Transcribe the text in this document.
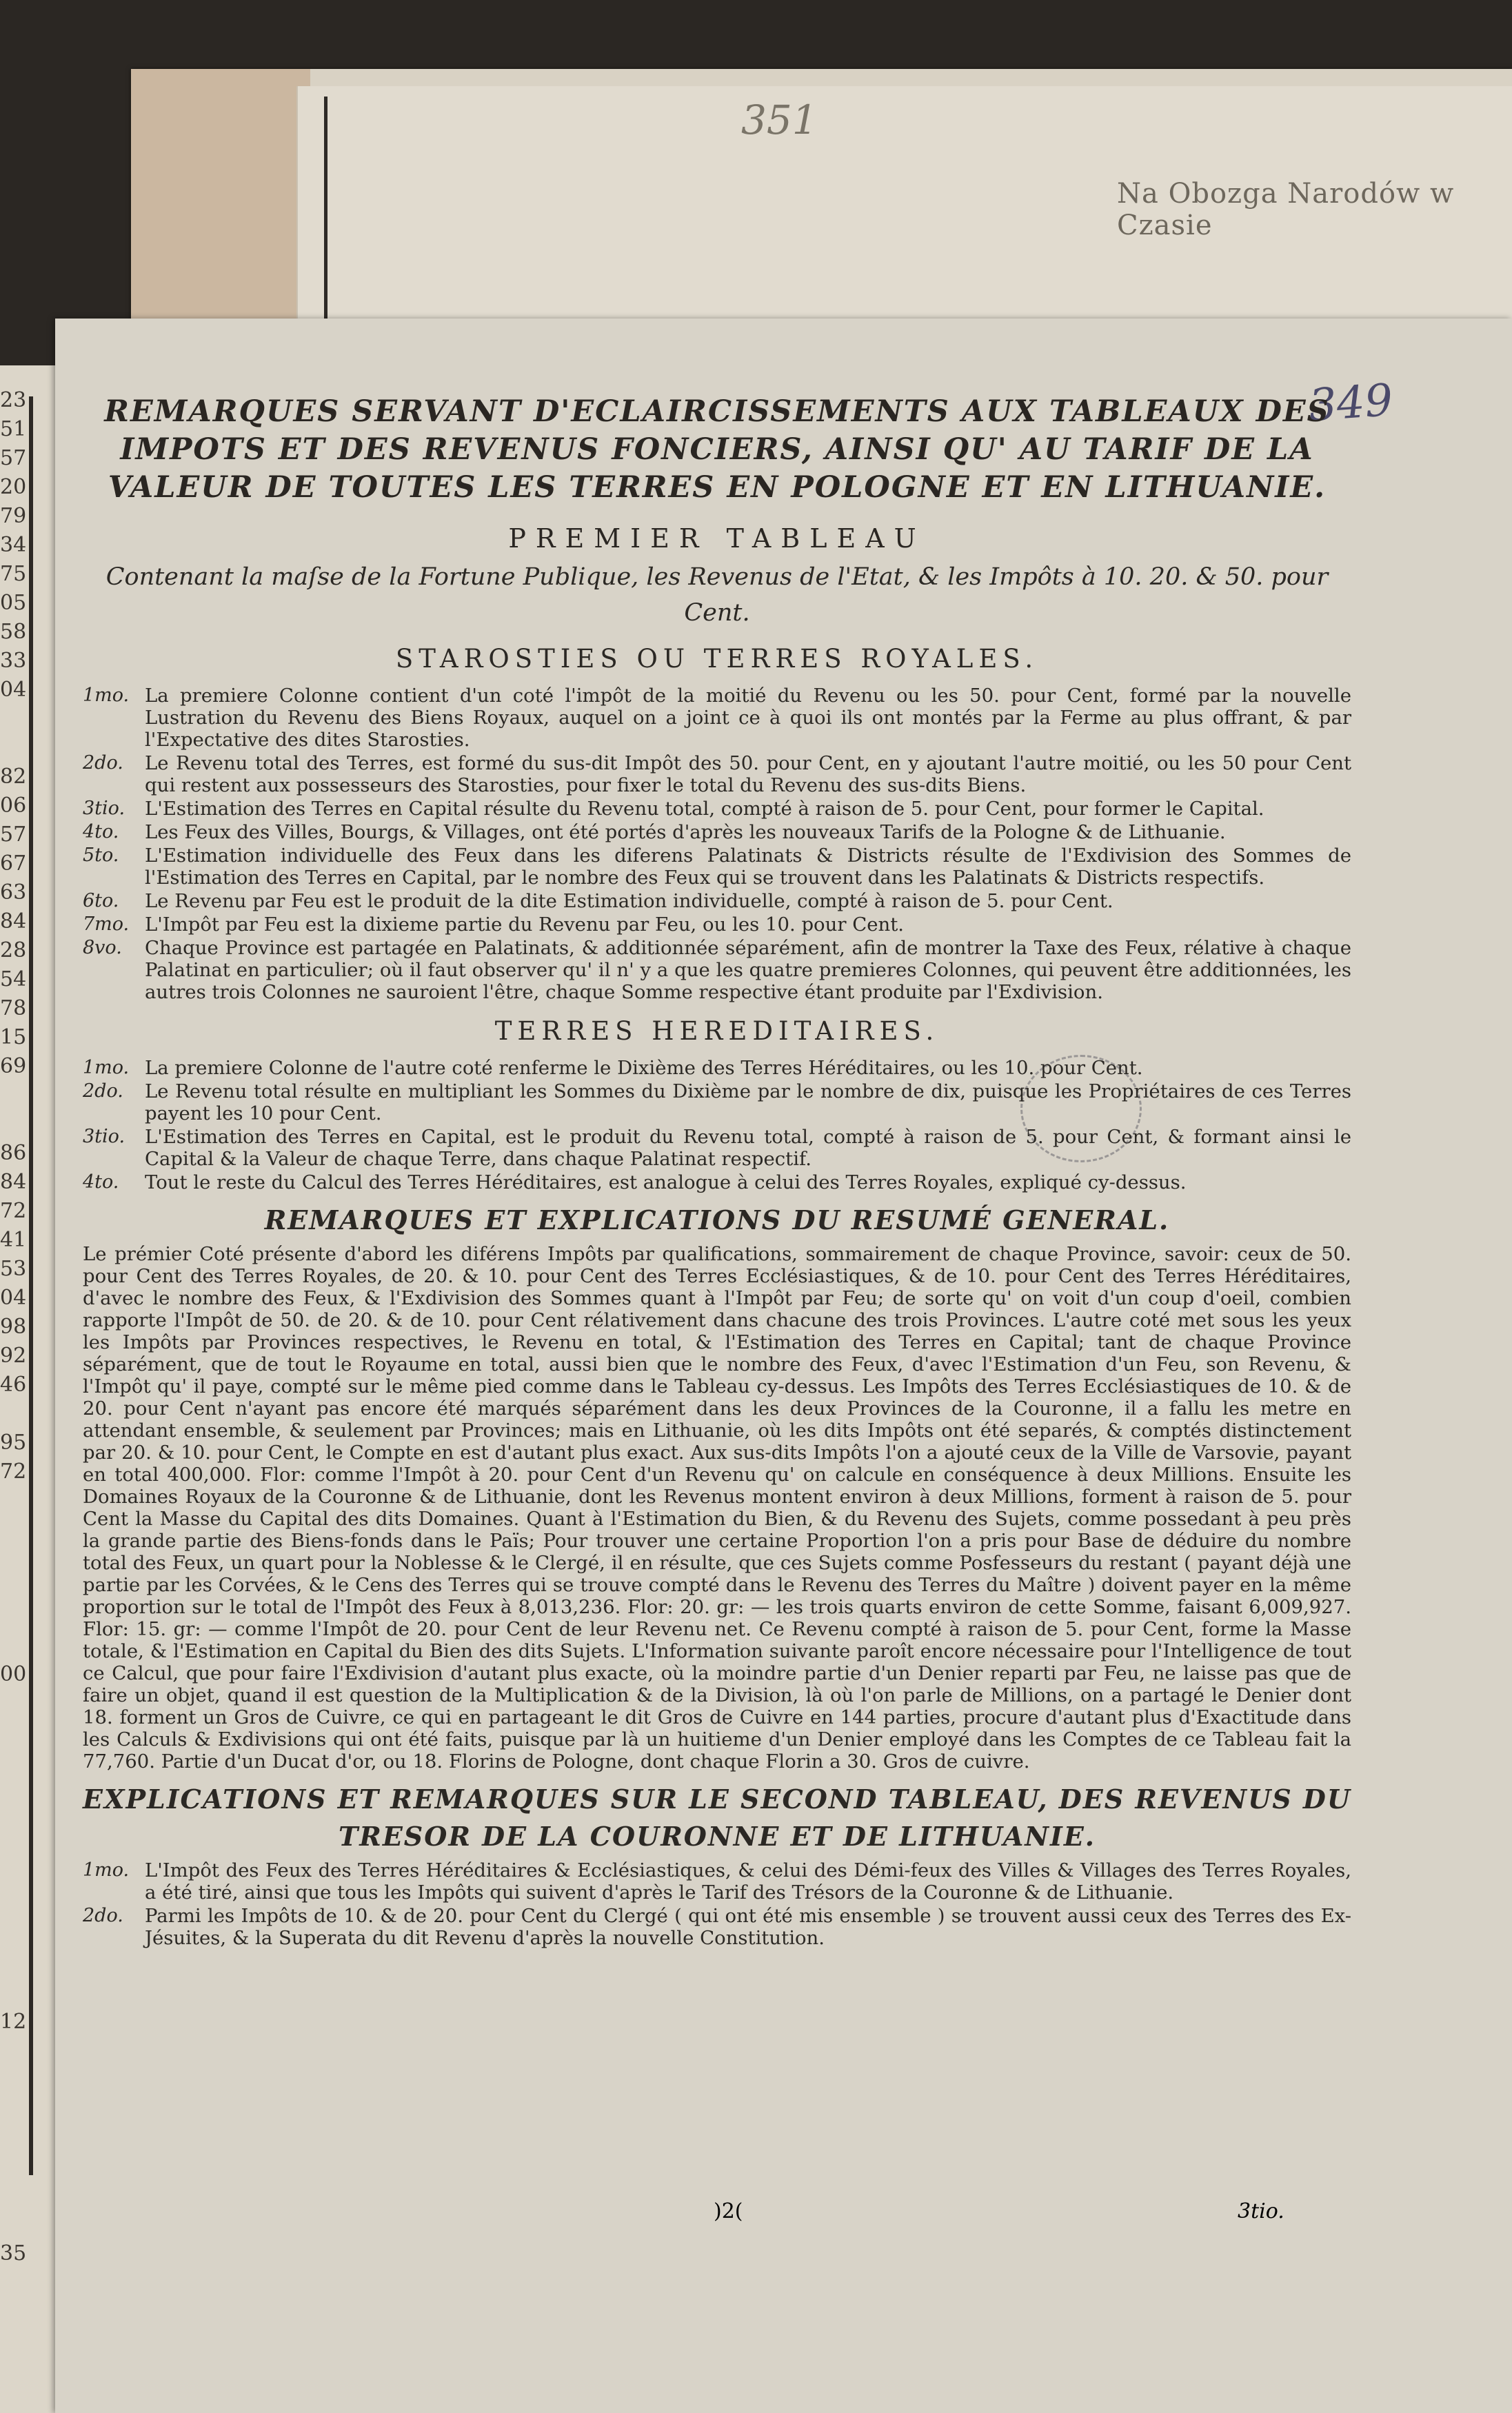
351
Na Obozga Narodów w Czasie
23
51
57
20
79
34
75
05
58
33
04
82
06
57
67
63
84
28
54
78
15
69
86
84
72
41
53
04
98
92
46
95
72
00
12
35
349
REMARQUES SERVANT D'ECLAIRCISSEMENTS AUX TABLEAUX DES IMPOTS ET DES REVENUS FONCIERS, AINSI QU' AU TARIF DE LA VALEUR DE TOUTES LES TERRES EN POLOGNE ET EN LITHUANIE.
PREMIER TABLEAU
Contenant la maſse de la Fortune Publique, les Revenus de l'Etat, & les Impôts à 10. 20. & 50. pour Cent.
STAROSTIES OU TERRES ROYALES.

1mo. La premiere Colonne contient d'un coté l'impôt de la moitié du Revenu ou les 50. pour Cent, formé par la nouvelle Lustration du Revenu des Biens Royaux, auquel on a joint ce à quoi ils ont montés par la Ferme au plus offrant, & par l'Expectative des dites Starosties.

2do. Le Revenu total des Terres, est formé du sus-dit Impôt des 50. pour Cent, en y ajoutant l'autre moitié, ou les 50 pour Cent qui restent aux possesseurs des Starosties, pour fixer le total du Revenu des sus-dits Biens.

3tio. L'Estimation des Terres en Capital résulte du Revenu total, compté à raison de 5. pour Cent, pour former le Capital.

4to. Les Feux des Villes, Bourgs, & Villages, ont été portés d'après les nouveaux Tarifs de la Pologne & de Lithuanie.

5to. L'Estimation individuelle des Feux dans les diferens Palatinats & Districts résulte de l'Exdivision des Sommes de l'Estimation des Terres en Capital, par le nombre des Feux qui se trouvent dans les Palatinats & Districts respectifs.

6to. Le Revenu par Feu est le produit de la dite Estimation individuelle, compté à raison de 5. pour Cent.

7mo. L'Impôt par Feu est la dixieme partie du Revenu par Feu, ou les 10. pour Cent.

8vo. Chaque Province est partagée en Palatinats, & additionnée séparément, afin de montrer la Taxe des Feux, rélative à chaque Palatinat en particulier; où il faut observer qu' il n' y a que les quatre premieres Colonnes, qui peuvent être additionnées, les autres trois Colonnes ne sauroient l'être, chaque Somme respective étant produite par l'Exdivision.

TERRES HEREDITAIRES.

1mo. La premiere Colonne de l'autre coté renferme le Dixième des Terres Héréditaires, ou les 10. pour Cent.

2do. Le Revenu total résulte en multipliant les Sommes du Dixième par le nombre de dix, puisque les Propriétaires de ces Terres payent les 10 pour Cent.

3tio. L'Estimation des Terres en Capital, est le produit du Revenu total, compté à raison de 5. pour Cent, & formant ainsi le Capital & la Valeur de chaque Terre, dans chaque Palatinat respectif.

4to. Tout le reste du Calcul des Terres Héréditaires, est analogue à celui des Terres Royales, expliqué cy-dessus.

REMARQUES ET EXPLICATIONS DU RESUMÉ GENERAL.

Le prémier Coté présente d'abord les diférens Impôts par qualifications, sommairement de chaque Province, savoir: ceux de 50. pour Cent des Terres Royales, de 20. & 10. pour Cent des Terres Ecclésiastiques, & de 10. pour Cent des Terres Héréditaires, d'avec le nombre des Feux, & l'Exdivision des Sommes quant à l'Impôt par Feu; de sorte qu' on voit d'un coup d'oeil, combien rapporte l'Impôt de 50. de 20. & de 10. pour Cent rélativement dans chacune des trois Provinces. L'autre coté met sous les yeux les Impôts par Provinces respectives, le Revenu en total, & l'Estimation des Terres en Capital; tant de chaque Province séparément, que de tout le Royaume en total, aussi bien que le nombre des Feux, d'avec l'Estimation d'un Feu, son Revenu, & l'Impôt qu' il paye, compté sur le même pied comme dans le Tableau cy-dessus. Les Impôts des Terres Ecclésiastiques de 10. & de 20. pour Cent n'ayant pas encore été marqués séparément dans les deux Provinces de la Couronne, il a fallu les metre en attendant ensemble, & seulement par Provinces; mais en Lithuanie, où les dits Impôts ont été separés, & comptés distinctement par 20. & 10. pour Cent, le Compte en est d'autant plus exact. Aux sus-dits Impôts l'on a ajouté ceux de la Ville de Varsovie, payant en total 400,000. Flor: comme l'Impôt à 20. pour Cent d'un Revenu qu' on calcule en conséquence à deux Millions. Ensuite les Domaines Royaux de la Couronne & de Lithuanie, dont les Revenus montent environ à deux Millions, forment à raison de 5. pour Cent la Masse du Capital des dits Domaines. Quant à l'Estimation du Bien, & du Revenu des Sujets, comme possedant à peu près la grande partie des Biens-fonds dans le Païs; Pour trouver une certaine Proportion l'on a pris pour Base de déduire du nombre total des Feux, un quart pour la Noblesse & le Clergé, il en résulte, que ces Sujets comme Posfesseurs du restant ( payant déjà une partie par les Corvées, & le Cens des Terres qui se trouve compté dans le Revenu des Terres du Maître ) doivent payer en la même proportion sur le total de l'Impôt des Feux à 8,013,236. Flor: 20. gr: — les trois quarts environ de cette Somme, faisant 6,009,927. Flor: 15. gr: — comme l'Impôt de 20. pour Cent de leur Revenu net. Ce Revenu compté à raison de 5. pour Cent, forme la Masse totale, & l'Estimation en Capital du Bien des dits Sujets. L'Information suivante paroît encore nécessaire pour l'Intelligence de tout ce Calcul, que pour faire l'Exdivision d'autant plus exacte, où la moindre partie d'un Denier reparti par Feu, ne laisse pas que de faire un objet, quand il est question de la Multiplication & de la Division, là où l'on parle de Millions, on a partagé le Denier dont 18. forment un Gros de Cuivre, ce qui en partageant le dit Gros de Cuivre en 144 parties, procure d'autant plus d'Exactitude dans les Calculs & Exdivisions qui ont été faits, puisque par là un huitieme d'un Denier employé dans les Comptes de ce Tableau fait la 77,760. Partie d'un Ducat d'or, ou 18. Florins de Pologne, dont chaque Florin a 30. Gros de cuivre.

EXPLICATIONS ET REMARQUES SUR LE SECOND TABLEAU, DES REVENUS DU TRESOR DE LA COURONNE ET DE LITHUANIE.

1mo. L'Impôt des Feux des Terres Héréditaires & Ecclésiastiques, & celui des Démi-feux des Villes & Villages des Terres Royales, a été tiré, ainsi que tous les Impôts qui suivent d'après le Tarif des Trésors de la Couronne & de Lithuanie.

2do. Parmi les Impôts de 10. & de 20. pour Cent du Clergé ( qui ont été mis ensemble ) se trouvent aussi ceux des Terres des Ex-Jésuites, & la Superata du dit Revenu d'après la nouvelle Constitution.

)2(	3tio.
